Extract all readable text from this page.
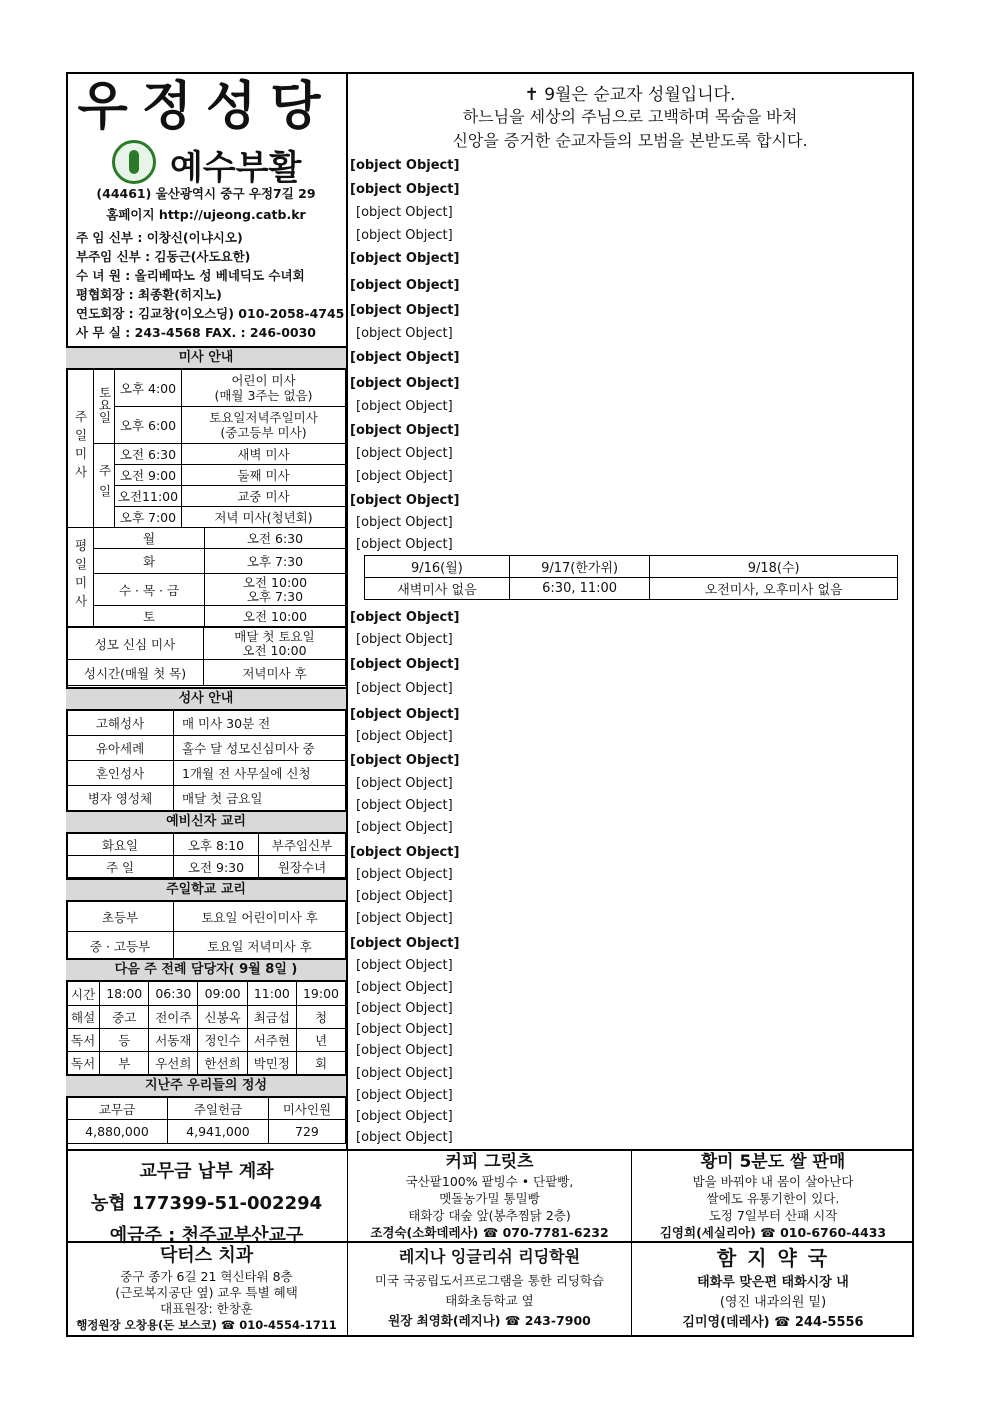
우정성당
예수부활
(44461) 울산광역시 중구 우정7길 29
홈페이지 http://ujeong.catb.kr
주 임 신부 : 이창신(이냐시오)
부주임 신부 : 김동근(사도요한)
수 녀 원 : 올리베따노 성 베네딕도 수녀회
평협회장 : 최종환(히지노)
연도회장 : 김교창(이오스딩) 010-2058-4745
사 무 실 : 243-4568 FAX. : 246-0030
미사 안내
주일미사	토요일	오후 4:00	어린이 미사
(매월 3주는 없음)
		오후 6:00	토요일저녁주일미사
(중고등부 미사)
	주일	오전 6:30	새벽 미사
		오전 9:00	둘째 미사
		오전11:00	교중 미사
		오후 7:00	저녁 미사(청년회)
평일미사	월	오전 6:30
	화	오후 7:30
	수 · 목 · 금	오전 10:00
오후 7:30
	토	오전 10:00
성모 신심 미사	매달 첫 토요일
오전 10:00
성시간(매월 첫 목)	저녁미사 후
성사 안내
고해성사	매 미사 30분 전
유아세례	홀수 달 성모신심미사 중
혼인성사	1개월 전 사무실에 신청
병자 영성체	매달 첫 금요일
예비신자 교리
화요일	오후 8:10	부주임신부
주 일	오전 9:30	원장수녀
주일학교 교리
초등부	토요일 어린이미사 후
중 · 고등부	토요일 저녁미사 후
다음 주 전례 담당자( 9월 8일 )
시간	18:00	06:30	09:00	11:00	19:00
해설	중고	전이주	신봉옥	최금섭	청
독서	등	서동재	정인수	서주현	년
독서	부	우선희	한선희	박민정	회
지난주 우리들의 정성
교무금	주일헌금	미사인원
4,880,000	4,941,000	729
✝ 9월은 순교자 성월입니다.
하느님을 세상의 주님으로 고백하며 목숨을 바쳐
신앙을 증거한 순교자들의 모범을 본받도록 합시다.
[object Object]
[object Object]
[object Object]
[object Object]
[object Object]
[object Object]
[object Object]
[object Object]
[object Object]
[object Object]
[object Object]
[object Object]
[object Object]
[object Object]
[object Object]
[object Object]
[object Object]
9/16(월)	9/17(한가위)	9/18(수)
새벽미사 없음	6:30, 11:00	오전미사, 오후미사 없음
[object Object]
[object Object]
[object Object]
[object Object]
[object Object]
[object Object]
[object Object]
[object Object]
[object Object]
[object Object]
[object Object]
[object Object]
[object Object]
[object Object]
[object Object]
[object Object]
[object Object]
[object Object]
[object Object]
[object Object]
[object Object]
[object Object]
[object Object]
[object Object]
교무금 납부 계좌
농협 177399-51-002294
예금주 : 천주교부산교구
커피 그릿츠
국산팥100% 팥빙수 • 단팥빵,
멧돌농가밀 통밀빵
태화강 대숲 앞(봉추찜닭 2층)
조경숙(소화데레사) ☎ 070-7781-6232
황미 5분도 쌀 판매
밥을 바꿔야 내 몸이 살아난다
쌀에도 유통기한이 있다.
도정 7일부터 산패 시작
김영희(세실리아) ☎ 010-6760-4433
닥터스 치과
중구 종가 6길 21 혁신타워 8층
(근로복지공단 옆) 교우 특별 혜택
대표원장: 한창훈
행정원장 오창용(돈 보스코) ☎ 010-4554-1711
레지나 잉글리쉬 리딩학원
미국 국공립도서프로그램을 통한 리딩학습
태화초등학교 옆
원장 최영화(레지나) ☎ 243-7900
함 지 약 국
태화루 맞은편 태화시장 내
(영진 내과의원 밑)
김미영(데레사) ☎ 244-5556
